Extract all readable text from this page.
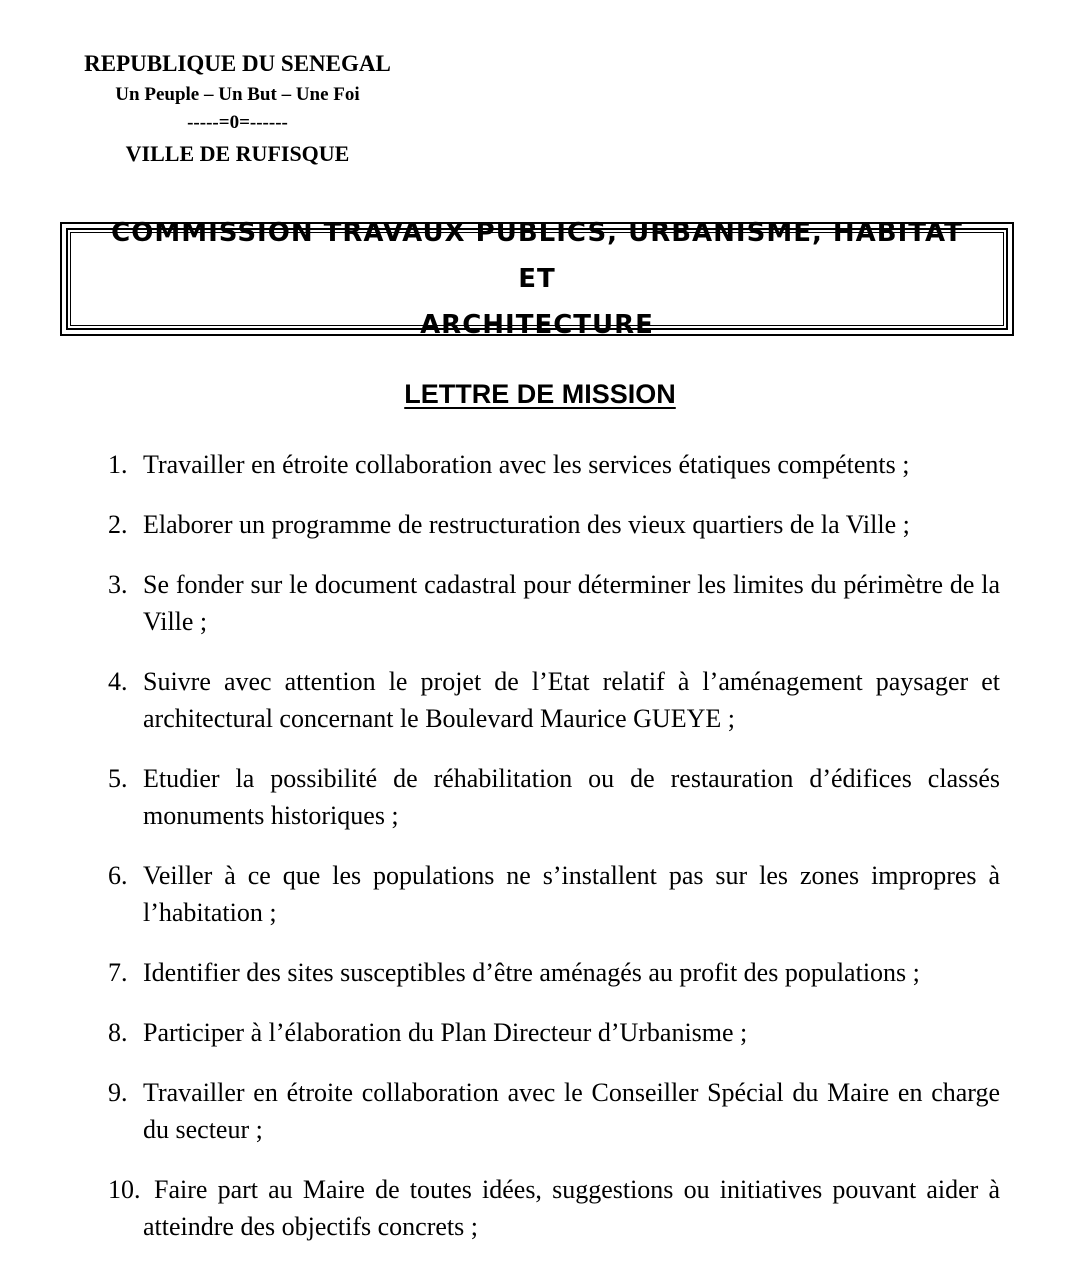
REPUBLIQUE DU SENEGAL
Un Peuple – Un But – Une Foi
-----=0=------
VILLE DE RUFISQUE
COMMISSION TRAVAUX PUBLICS, URBANISME, HABITAT ET
ARCHITECTURE
LETTRE DE MISSION
1. Travailler en étroite collaboration avec les services étatiques compétents ;
2. Elaborer un programme de restructuration des vieux quartiers de la Ville ;
3. Se fonder sur le document cadastral pour déterminer les limites du périmètre de la Ville ;
4. Suivre avec attention le projet de l’Etat relatif à l’aménagement paysager et architectural concernant le Boulevard Maurice GUEYE ;
5. Etudier la possibilité de réhabilitation ou de restauration d’édifices classés monuments historiques ;
6. Veiller à ce que les populations ne s’installent pas sur les zones impropres à l’habitation ;
7. Identifier des sites susceptibles d’être aménagés au profit des populations ;
8. Participer à l’élaboration du Plan Directeur d’Urbanisme ;
9. Travailler en étroite collaboration avec le Conseiller Spécial du Maire en charge du secteur ;
10. Faire part au Maire de toutes idées, suggestions ou initiatives pouvant aider à atteindre des objectifs concrets ;
